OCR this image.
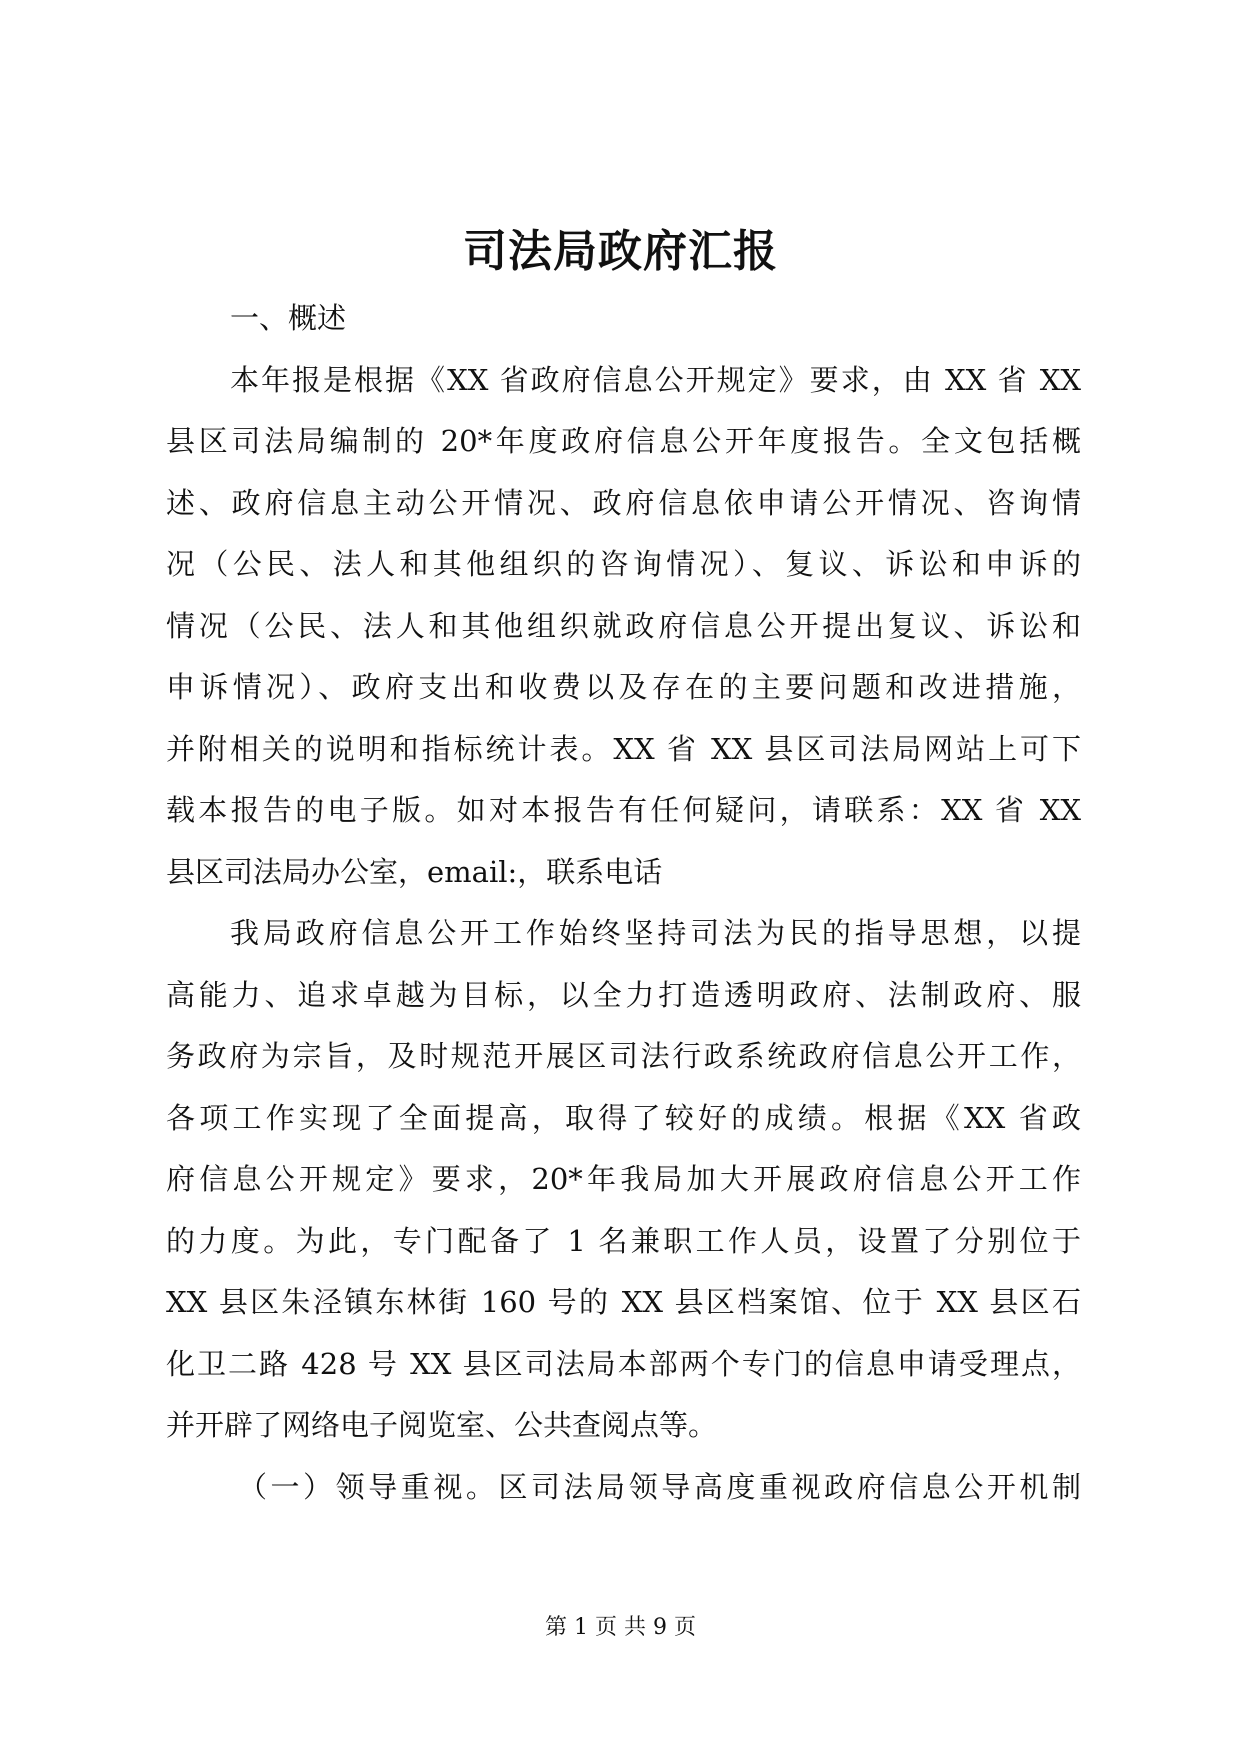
司法局政府汇报
一、概述
本年报是根据《XX 省政府信息公开规定》要求，由 XX 省 XX
县区司法局编制的 20*年度政府信息公开年度报告。全文包括概
述、政府信息主动公开情况、政府信息依申请公开情况、咨询情
况（公民、法人和其他组织的咨询情况）、复议、诉讼和申诉的
情况（公民、法人和其他组织就政府信息公开提出复议、诉讼和
申诉情况）、政府支出和收费以及存在的主要问题和改进措施，
并附相关的说明和指标统计表。XX 省 XX 县区司法局网站上可下
载本报告的电子版。如对本报告有任何疑问，请联系：XX 省 XX
县区司法局办公室，email:，联系电话
我局政府信息公开工作始终坚持司法为民的指导思想，以提
高能力、追求卓越为目标，以全力打造透明政府、法制政府、服
务政府为宗旨，及时规范开展区司法行政系统政府信息公开工作，
各项工作实现了全面提高，取得了较好的成绩。根据《XX 省政
府信息公开规定》要求，20*年我局加大开展政府信息公开工作
的力度。为此，专门配备了 1 名兼职工作人员，设置了分别位于
XX 县区朱泾镇东林街 160 号的 XX 县区档案馆、位于 XX 县区石
化卫二路 428 号 XX 县区司法局本部两个专门的信息申请受理点，
并开辟了网络电子阅览室、公共查阅点等。
（一）领导重视。区司法局领导高度重视政府信息公开机制
第 1 页 共 9 页
